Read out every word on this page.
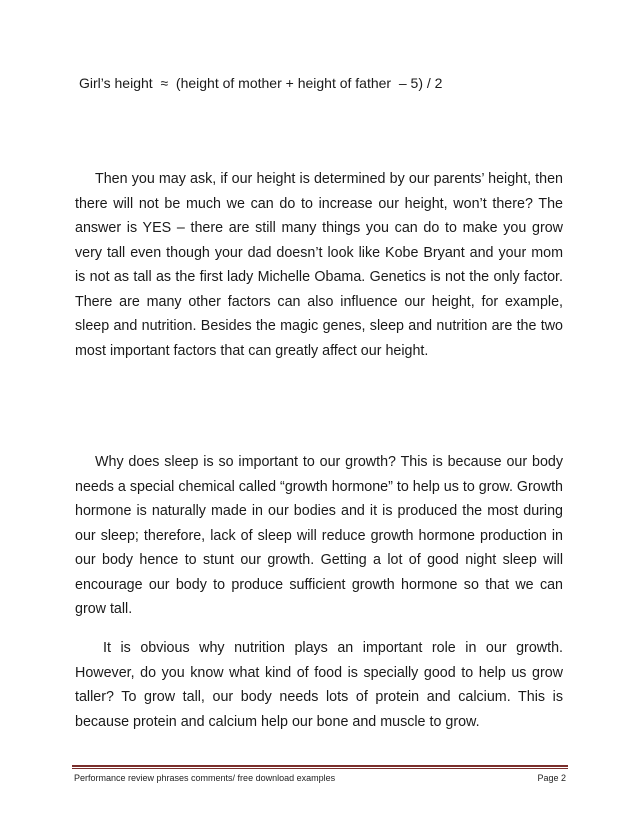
Girl’s height  ≈  (height of mother + height of father  – 5) / 2

Then you may ask, if our height is determined by our parents’ height, then there will not be much we can do to increase our height, won’t there? The answer is YES – there are still many things you can do to make you grow very tall even though your dad doesn’t look like Kobe Bryant and your mom is not as tall as the first lady Michelle Obama. Genetics is not the only factor. There are many other factors can also influence our height, for example, sleep and nutrition. Besides the magic genes, sleep and nutrition are the two most important factors that can greatly affect our height.

Why does sleep is so important to our growth? This is because our body needs a special chemical called “growth hormone” to help us to grow. Growth hormone is naturally made in our bodies and it is produced the most during our sleep; therefore, lack of sleep will reduce growth hormone production in our body hence to stunt our growth. Getting a lot of good night sleep will encourage our body to produce sufficient growth hormone so that we can grow tall.

It is obvious why nutrition plays an important role in our growth. However, do you know what kind of food is specially good to help us grow taller? To grow tall, our body needs lots of protein and calcium. This is because protein and calcium help our bone and muscle to grow.

Performance review phrases comments/ free download examples	Page 2
